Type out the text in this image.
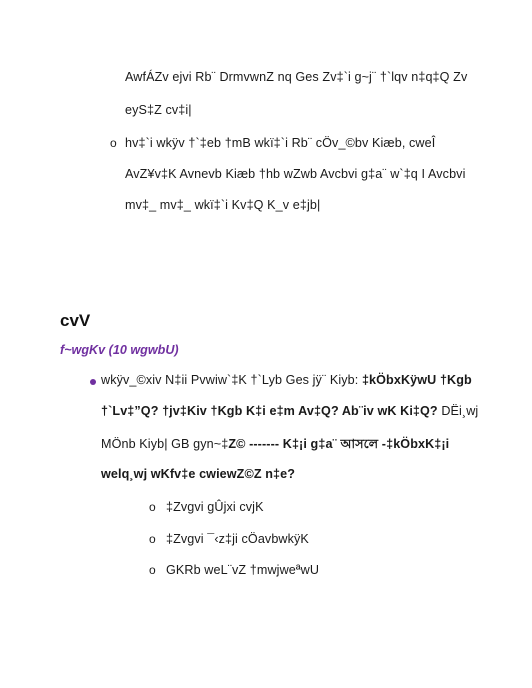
AwfÁZv ejvi Rb¨ DrmvwnZ nq Ges Zv‡`i g~j¨ †`lqv n‡q‡Q Zv
eyS‡Z cv‡i|
o hv‡`i wkÿv †`‡eb †mB wkï‡`i Rb¨ cÖv_©bv Kiæb, cweÎ
AvZ¥v‡K Avnevb Kiæb †hb wZwb Avcbvi g‡a¨ w`‡q I Avcbvi
mv‡_ mv‡_ wkï‡`i Kv‡Q K_v e‡jb|
cvV
f~wgKv (10 wgwbU)
wkÿv_©xiv N‡ii Pvwiw`‡K †`Lyb Ges jÿ¨ Kiyb: ‡kÖbxKÿwU †Kgb
†`Lv‡”Q? †jv‡Kiv †Kgb K‡i e‡m Av‡Q? Ab¨iv wK Ki‡Q? DËi¸wj
MÖnb Kiyb| GB gyn~‡Z© ------- K‡¡i g‡a¨ আসলে -‡kÖbxK‡¡i
welq¸wj wKfv‡e cwiewZ©Z n‡e?
o ‡Zvgvi gÛjxi cvjK
o ‡Zvgvi ¯‹z‡ji cÖavbwkÿK
o GKRb weL¨vZ †mwjweªwU
